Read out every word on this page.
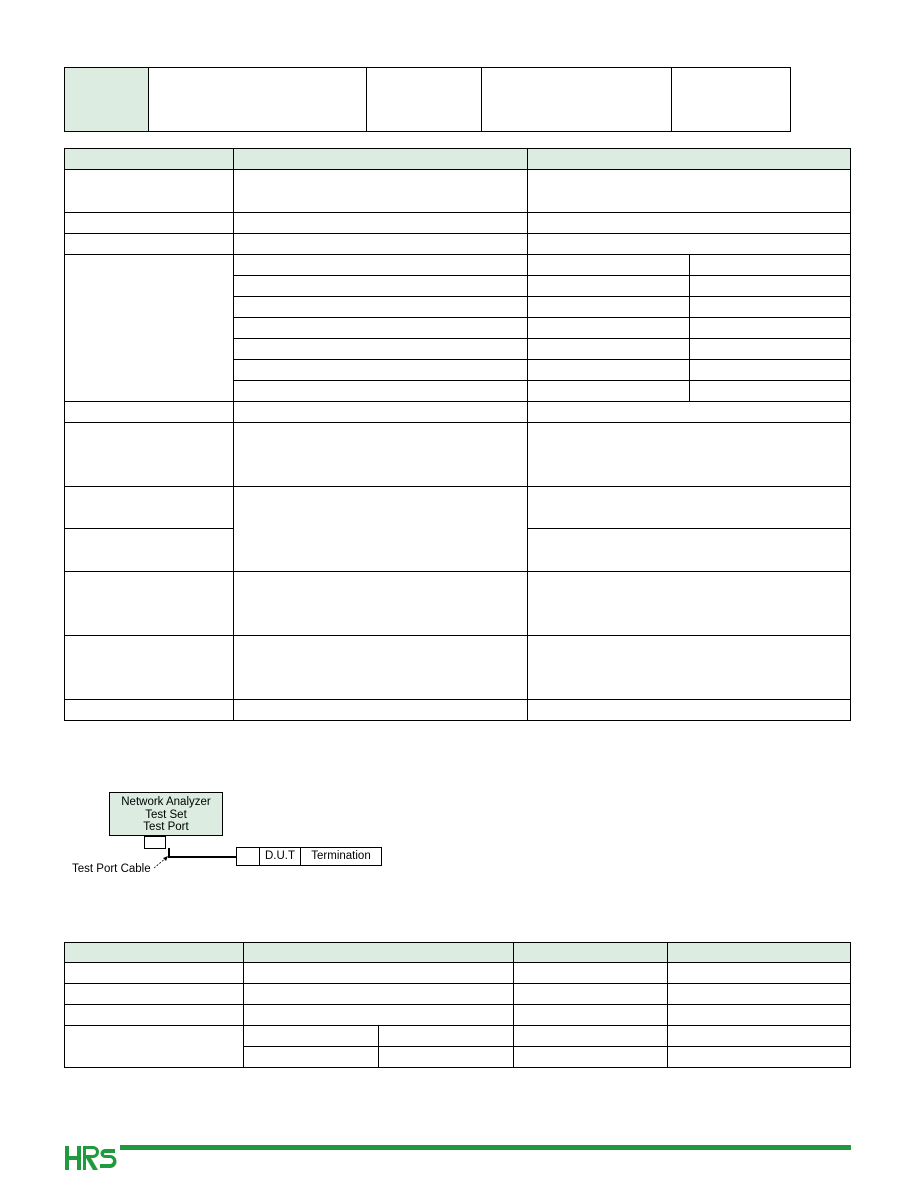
Network Analyzer
Test Set
Test Port
D.U.T	Termination
Test Port Cable
